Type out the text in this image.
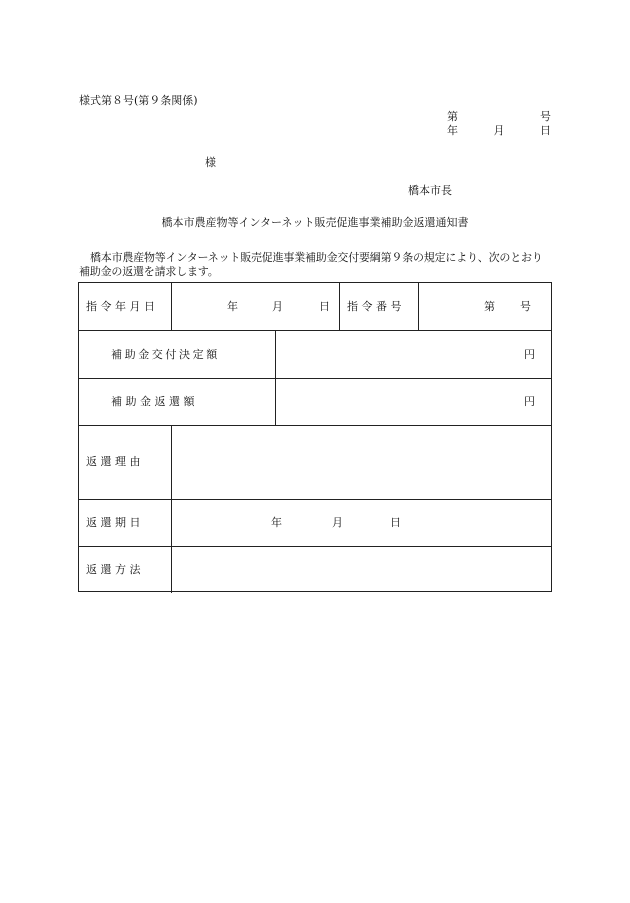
様式第８号(第９条関係)
第	号
年	月	日
様
橋本市長
橋本市農産物等インターネット販売促進事業補助金返還通知書
橋本市農産物等インターネット販売促進事業補助金交付要綱第９条の規定により、次のとおり補助金の返還を請求します。
指 令 年 月 日	年	月	日 指 令 番 号	第 号
補助金交付決定額	円
補 助 金 返 還 額	円
返 還 理 由
返 還 期 日	年	月	日
返 還 方 法
